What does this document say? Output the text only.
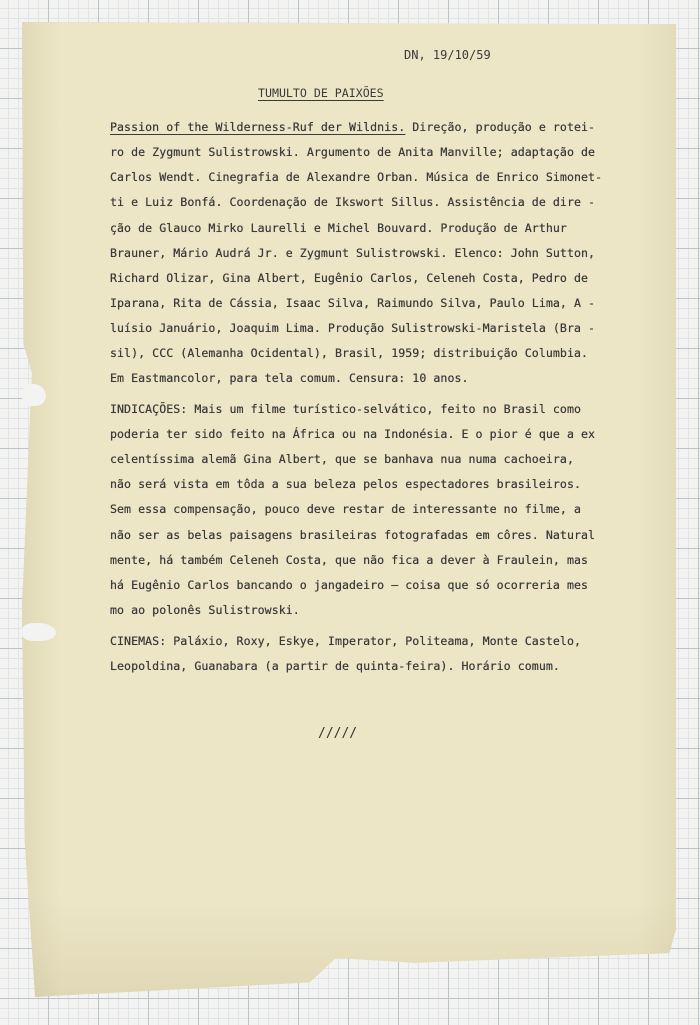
DN, 19/10/59
TUMULTO DE PAIXÕES
Passion of the Wilderness-Ruf der Wildnis. Direção, produção e rotei-
ro de Zygmunt Sulistrowski. Argumento de Anita Manville; adaptação de
Carlos Wendt. Cinegrafia de Alexandre Orban. Música de Enrico Simonet-
ti e Luiz Bonfá. Coordenação de Ikswort Sillus. Assistência de dire -
ção de Glauco Mirko Laurelli e Michel Bouvard. Produção de Arthur
Brauner, Mário Audrá Jr. e Zygmunt Sulistrowski. Elenco: John Sutton,
Richard Olizar, Gina Albert, Eugênio Carlos, Celeneh Costa, Pedro de
Iparana, Rita de Cássia, Isaac Silva, Raimundo Silva, Paulo Lima, A -
luísio Januário, Joaquim Lima. Produção Sulistrowski-Maristela (Bra -
sil), CCC (Alemanha Ocidental), Brasil, 1959; distribuição Columbia.
Em Eastmancolor, para tela comum. Censura: 10 anos.
INDICAÇÕES: Mais um filme turístico-selvático, feito no Brasil como
poderia ter sido feito na África ou na Indonésia. E o pior é que a ex
celentíssima alemã Gina Albert, que se banhava nua numa cachoeira,
não será vista em tôda a sua beleza pelos espectadores brasileiros.
Sem essa compensação, pouco deve restar de interessante no filme, a
não ser as belas paisagens brasileiras fotografadas em côres. Natural
mente, há também Celeneh Costa, que não fica a dever à Fraulein, mas
há Eugênio Carlos bancando o jangadeiro — coisa que só ocorreria mes
mo ao polonês Sulistrowski.
CINEMAS: Paláxio, Roxy, Eskye, Imperator, Politeama, Monte Castelo,
Leopoldina, Guanabara (a partir de quinta-feira). Horário comum.
/////
